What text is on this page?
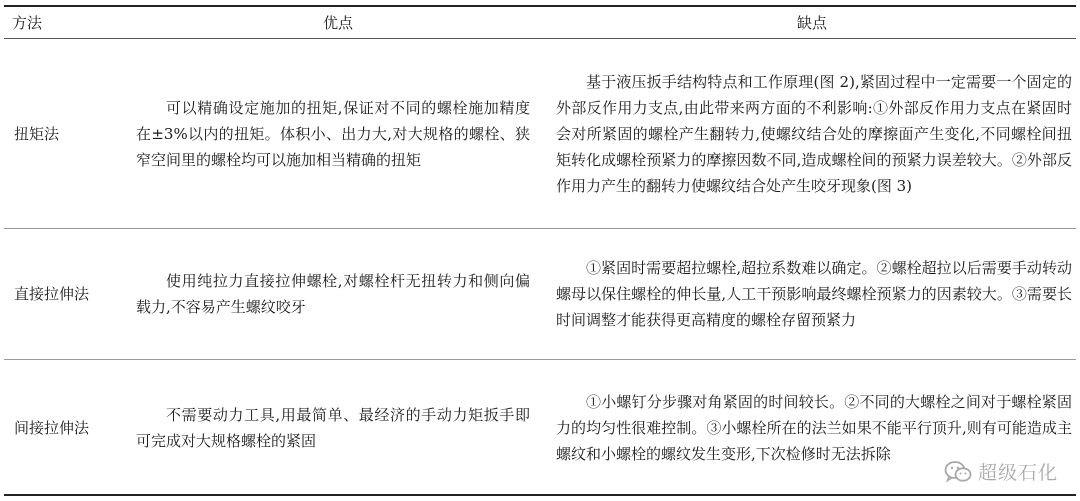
方法	优点	缺点
扭矩法	可以精确设定施加的扭矩,保证对不同的螺栓施加精度在±3%以内的扭矩。体积小、出力大,对大规格的螺栓、狭窄空间里的螺栓均可以施加相当精确的扭矩	基于液压扳手结构特点和工作原理(图 2),紧固过程中一定需要一个固定的外部反作用力支点,由此带来两方面的不利影响:①外部反作用力支点在紧固时会对所紧固的螺栓产生翻转力,使螺纹结合处的摩擦面产生变化,不同螺栓间扭矩转化成螺栓预紧力的摩擦因数不同,造成螺栓间的预紧力误差较大。②外部反作用力产生的翻转力使螺纹结合处产生咬牙现象(图 3)

直接拉伸法	使用纯拉力直接拉伸螺栓,对螺栓杆无扭转力和侧向偏载力,不容易产生螺纹咬牙	①紧固时需要超拉螺栓,超拉系数难以确定。②螺栓超拉以后需要手动转动螺母以保住螺栓的伸长量,人工干预影响最终螺栓预紧力的因素较大。③需要长时间调整才能获得更高精度的螺栓存留预紧力

间接拉伸法	不需要动力工具,用最简单、最经济的手动力矩扳手即可完成对大规格螺栓的紧固	①小螺钉分步骤对角紧固的时间较长。②不同的大螺栓之间对于螺栓紧固力的均匀性很难控制。③小螺栓所在的法兰如果不能平行顶升,则有可能造成主螺纹和小螺栓的螺纹发生变形,下次检修时无法拆除

超级石化
